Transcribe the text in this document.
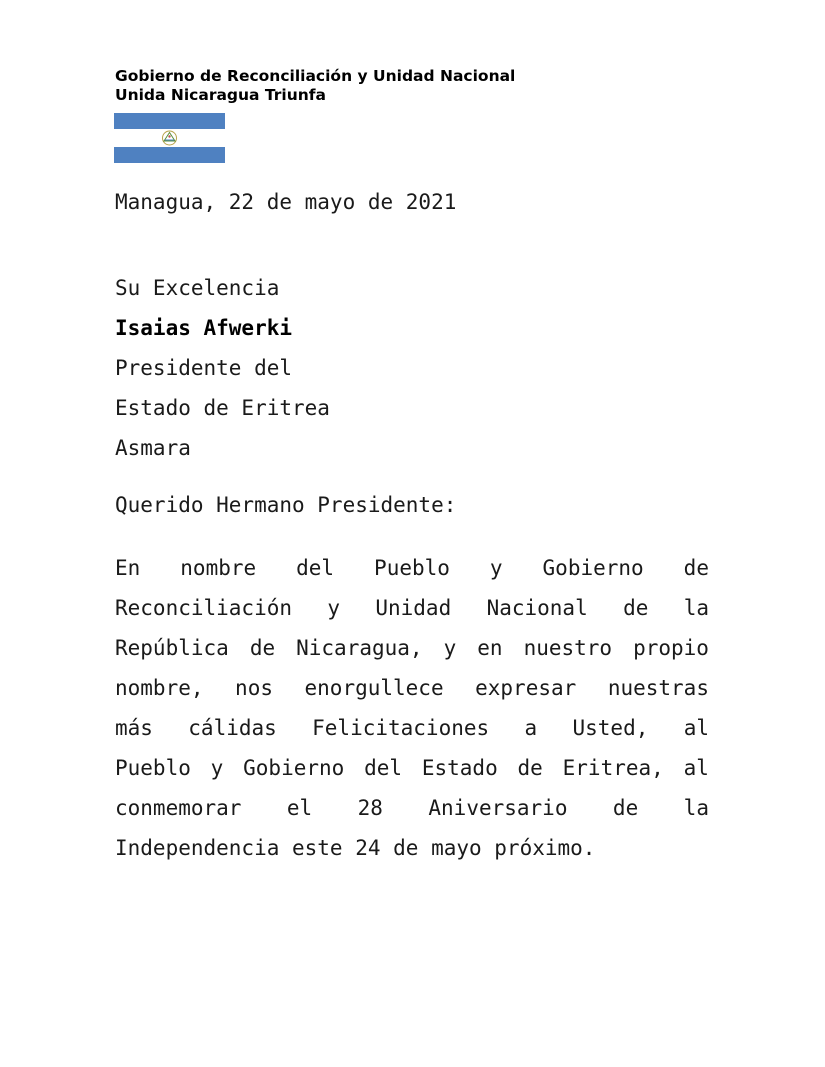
Gobierno de Reconciliación y Unidad Nacional
Unida Nicaragua Triunfa
Managua, 22 de mayo de 2021
Su Excelencia
Isaias Afwerki
Presidente del
Estado de Eritrea
Asmara
Querido Hermano Presidente:
En nombre del Pueblo y Gobierno de
Reconciliación y Unidad Nacional de la
República de Nicaragua, y en nuestro propio
nombre, nos enorgullece expresar nuestras
más cálidas Felicitaciones a Usted, al
Pueblo y Gobierno del Estado de Eritrea, al
conmemorar el 28 Aniversario de la
Independencia este 24 de mayo próximo.
